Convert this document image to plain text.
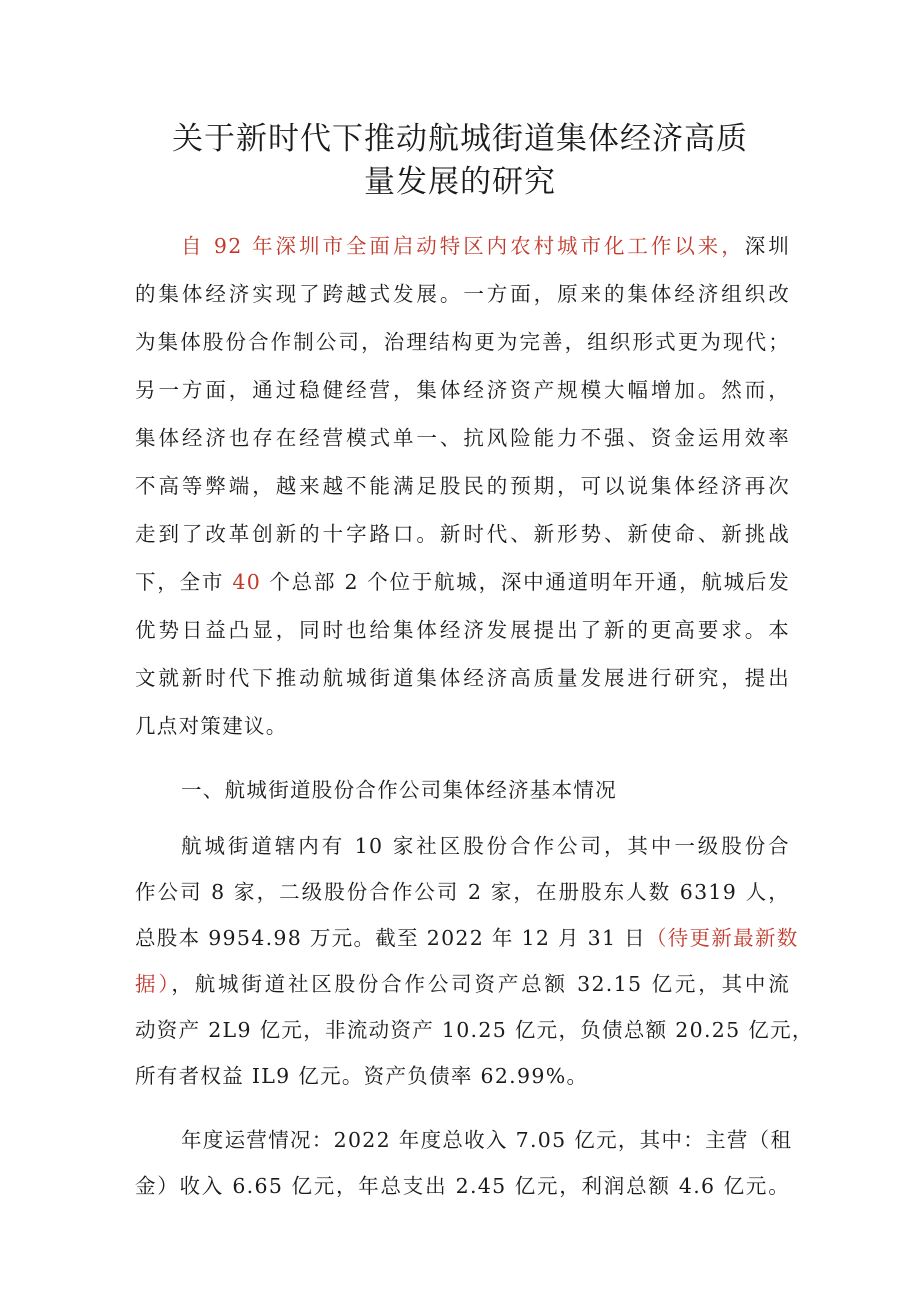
关于新时代下推动航城街道集体经济高质
量发展的研究
自 92 年深圳市全面启动特区内农村城市化工作以来，深圳
的集体经济实现了跨越式发展。一方面，原来的集体经济组织改
为集体股份合作制公司，治理结构更为完善，组织形式更为现代；
另一方面，通过稳健经营，集体经济资产规模大幅增加。然而，
集体经济也存在经营模式单一、抗风险能力不强、资金运用效率
不高等弊端，越来越不能满足股民的预期，可以说集体经济再次
走到了改革创新的十字路口。新时代、新形势、新使命、新挑战
下，全市 40 个总部 2 个位于航城，深中通道明年开通，航城后发
优势日益凸显，同时也给集体经济发展提出了新的更高要求。本
文就新时代下推动航城街道集体经济高质量发展进行研究，提出
几点对策建议。
一、航城街道股份合作公司集体经济基本情况
航城街道辖内有 10 家社区股份合作公司，其中一级股份合
作公司 8 家，二级股份合作公司 2 家，在册股东人数 6319 人，
总股本 9954.98 万元。截至 2022 年 12 月 31 日（待更新最新数
据），航城街道社区股份合作公司资产总额 32.15 亿元，其中流
动资产 2L9 亿元，非流动资产 10.25 亿元，负债总额 20.25 亿元，
所有者权益 IL9 亿元。资产负债率 62.99%。
年度运营情况：2022 年度总收入 7.05 亿元，其中：主营（租
金）收入 6.65 亿元，年总支出 2.45 亿元，利润总额 4.6 亿元。
